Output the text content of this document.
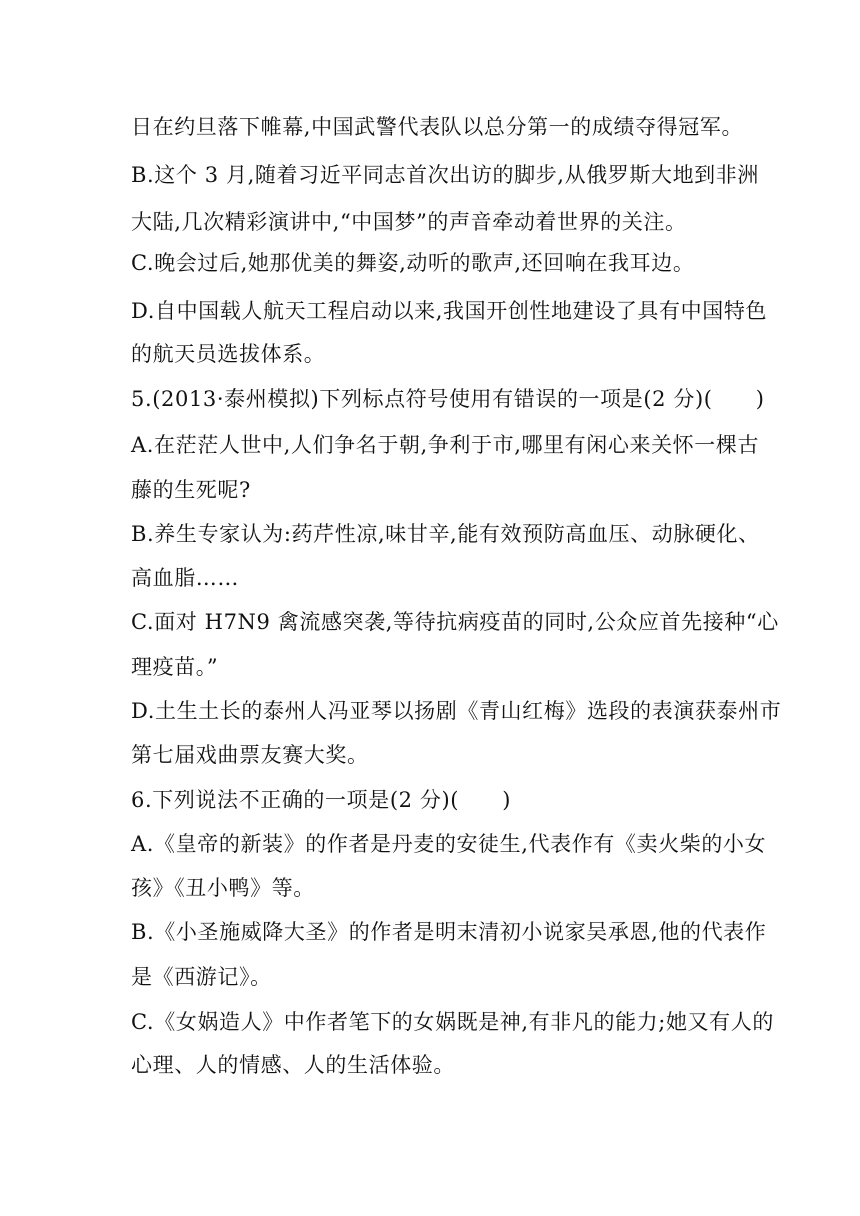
日在约旦落下帷幕,中国武警代表队以总分第一的成绩夺得冠军。
B.这个 3 月,随着习近平同志首次出访的脚步,从俄罗斯大地到非洲
大陆,几次精彩演讲中,“中国梦”的声音牵动着世界的关注。
C.晚会过后,她那优美的舞姿,动听的歌声,还回响在我耳边。
D.自中国载人航天工程启动以来,我国开创性地建设了具有中国特色
的航天员选拔体系。
5.(2013·泰州模拟)下列标点符号使用有错误的一项是(2 分)(　　)
A.在茫茫人世中,人们争名于朝,争利于市,哪里有闲心来关怀一棵古
藤的生死呢?
B.养生专家认为:药芹性凉,味甘辛,能有效预防高血压、动脉硬化、
高血脂……
C.面对 H7N9 禽流感突袭,等待抗病疫苗的同时,公众应首先接种“心
理疫苗。”
D.土生土长的泰州人冯亚琴以扬剧《青山红梅》选段的表演获泰州市
第七届戏曲票友赛大奖。
6.下列说法不正确的一项是(2 分)(　　)
A.《皇帝的新装》的作者是丹麦的安徒生,代表作有《卖火柴的小女
孩》《丑小鸭》等。
B.《小圣施威降大圣》的作者是明末清初小说家吴承恩,他的代表作
是《西游记》。
C.《女娲造人》中作者笔下的女娲既是神,有非凡的能力;她又有人的
心理、人的情感、人的生活体验。
